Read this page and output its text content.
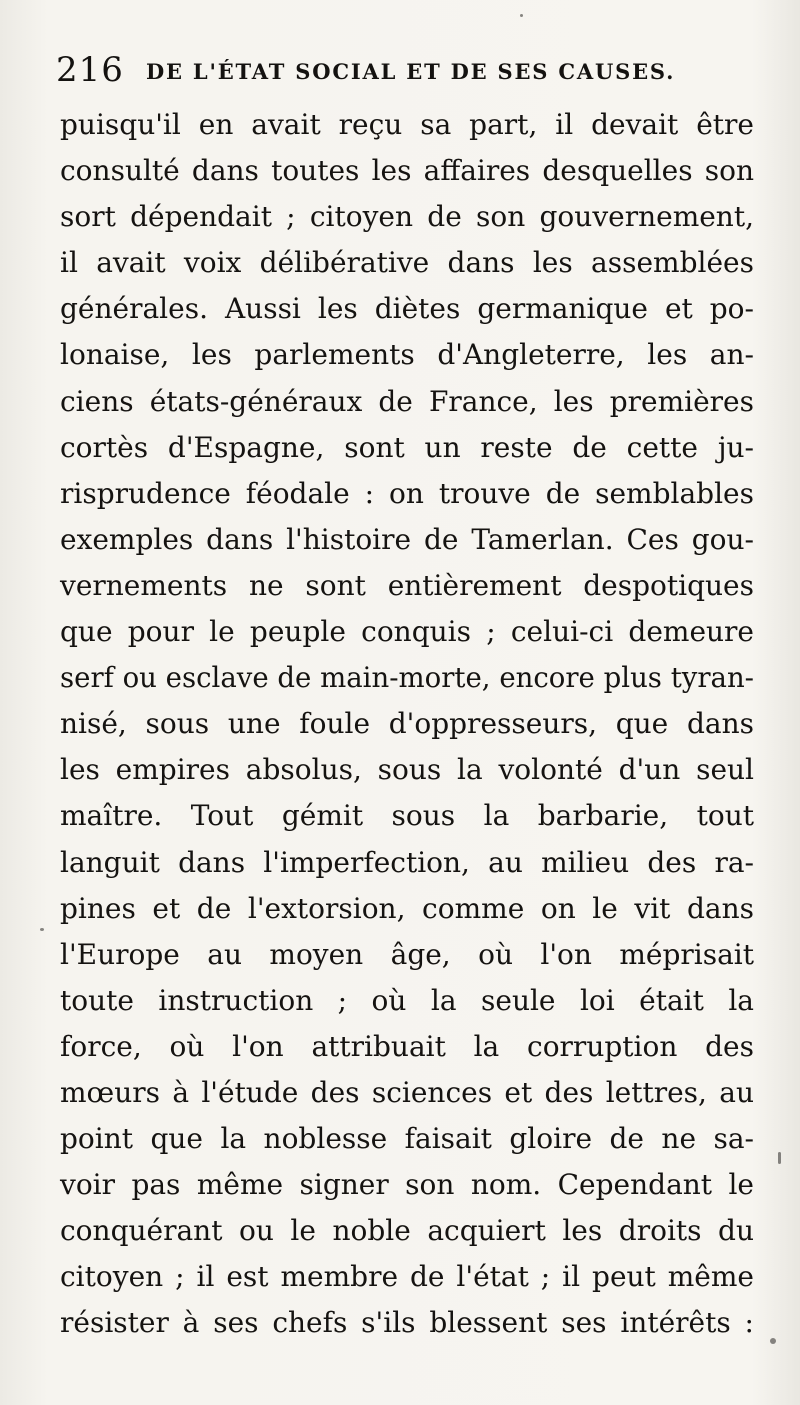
216 DE L'ÉTAT SOCIAL ET DE SES CAUSES.
puisqu'il en avait reçu sa part, il devait être
consulté dans toutes les affaires desquelles son
sort dépendait ; citoyen de son gouvernement,
il avait voix délibérative dans les assemblées
générales. Aussi les diètes germanique et po-
lonaise, les parlements d'Angleterre, les an-
ciens états-généraux de France, les premières
cortès d'Espagne, sont un reste de cette ju-
risprudence féodale : on trouve de semblables
exemples dans l'histoire de Tamerlan. Ces gou-
vernements ne sont entièrement despotiques
que pour le peuple conquis ; celui-ci demeure
serf ou esclave de main-morte, encore plus tyran-
nisé, sous une foule d'oppresseurs, que dans
les empires absolus, sous la volonté d'un seul
maître. Tout gémit sous la barbarie, tout
languit dans l'imperfection, au milieu des ra-
pines et de l'extorsion, comme on le vit dans
l'Europe au moyen âge, où l'on méprisait
toute instruction ; où la seule loi était la
force, où l'on attribuait la corruption des
mœurs à l'étude des sciences et des lettres, au
point que la noblesse faisait gloire de ne sa-
voir pas même signer son nom. Cependant le
conquérant ou le noble acquiert les droits du
citoyen ; il est membre de l'état ; il peut même
résister à ses chefs s'ils blessent ses intérêts :
